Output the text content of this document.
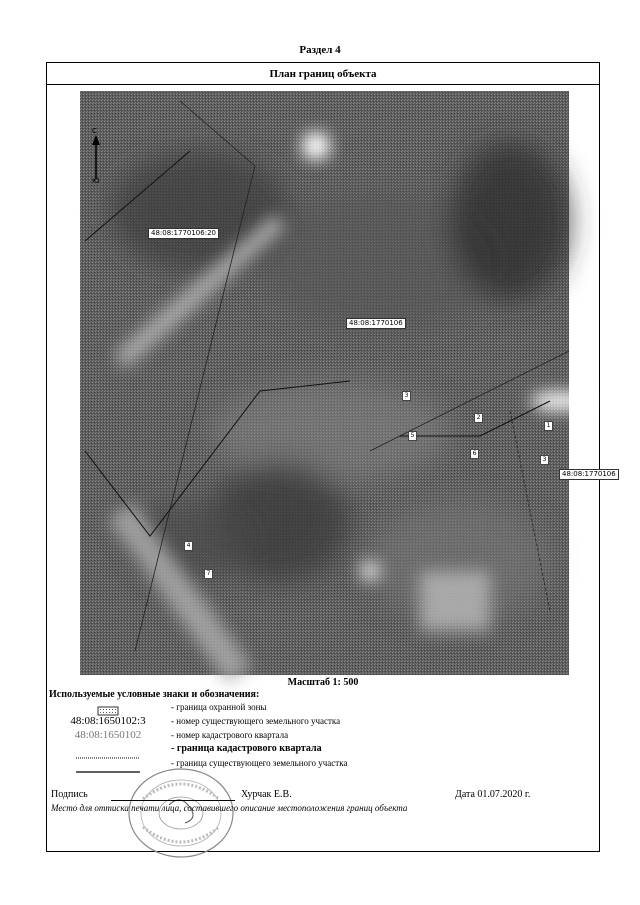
Раздел 4
План границ объекта
С
Ю
48:08:1770106:20
48:08:1770106
48:08:1770106
3
2
1
5
6
3
4
7
Масштаб 1: 500
Используемые условные знаки и обозначения:
- граница охранной зоны
48:08:1650102:3	- номер существующего земельного участка
48:08:1650102	- номер кадастрового квартала
- граница кадастрового квартала
- граница существующего земельного участка
Подпись	Хурчак Е.В.	Дата 01.07.2020 г.
Место для оттиска печати лица, составившего описание местоположения границ объекта
